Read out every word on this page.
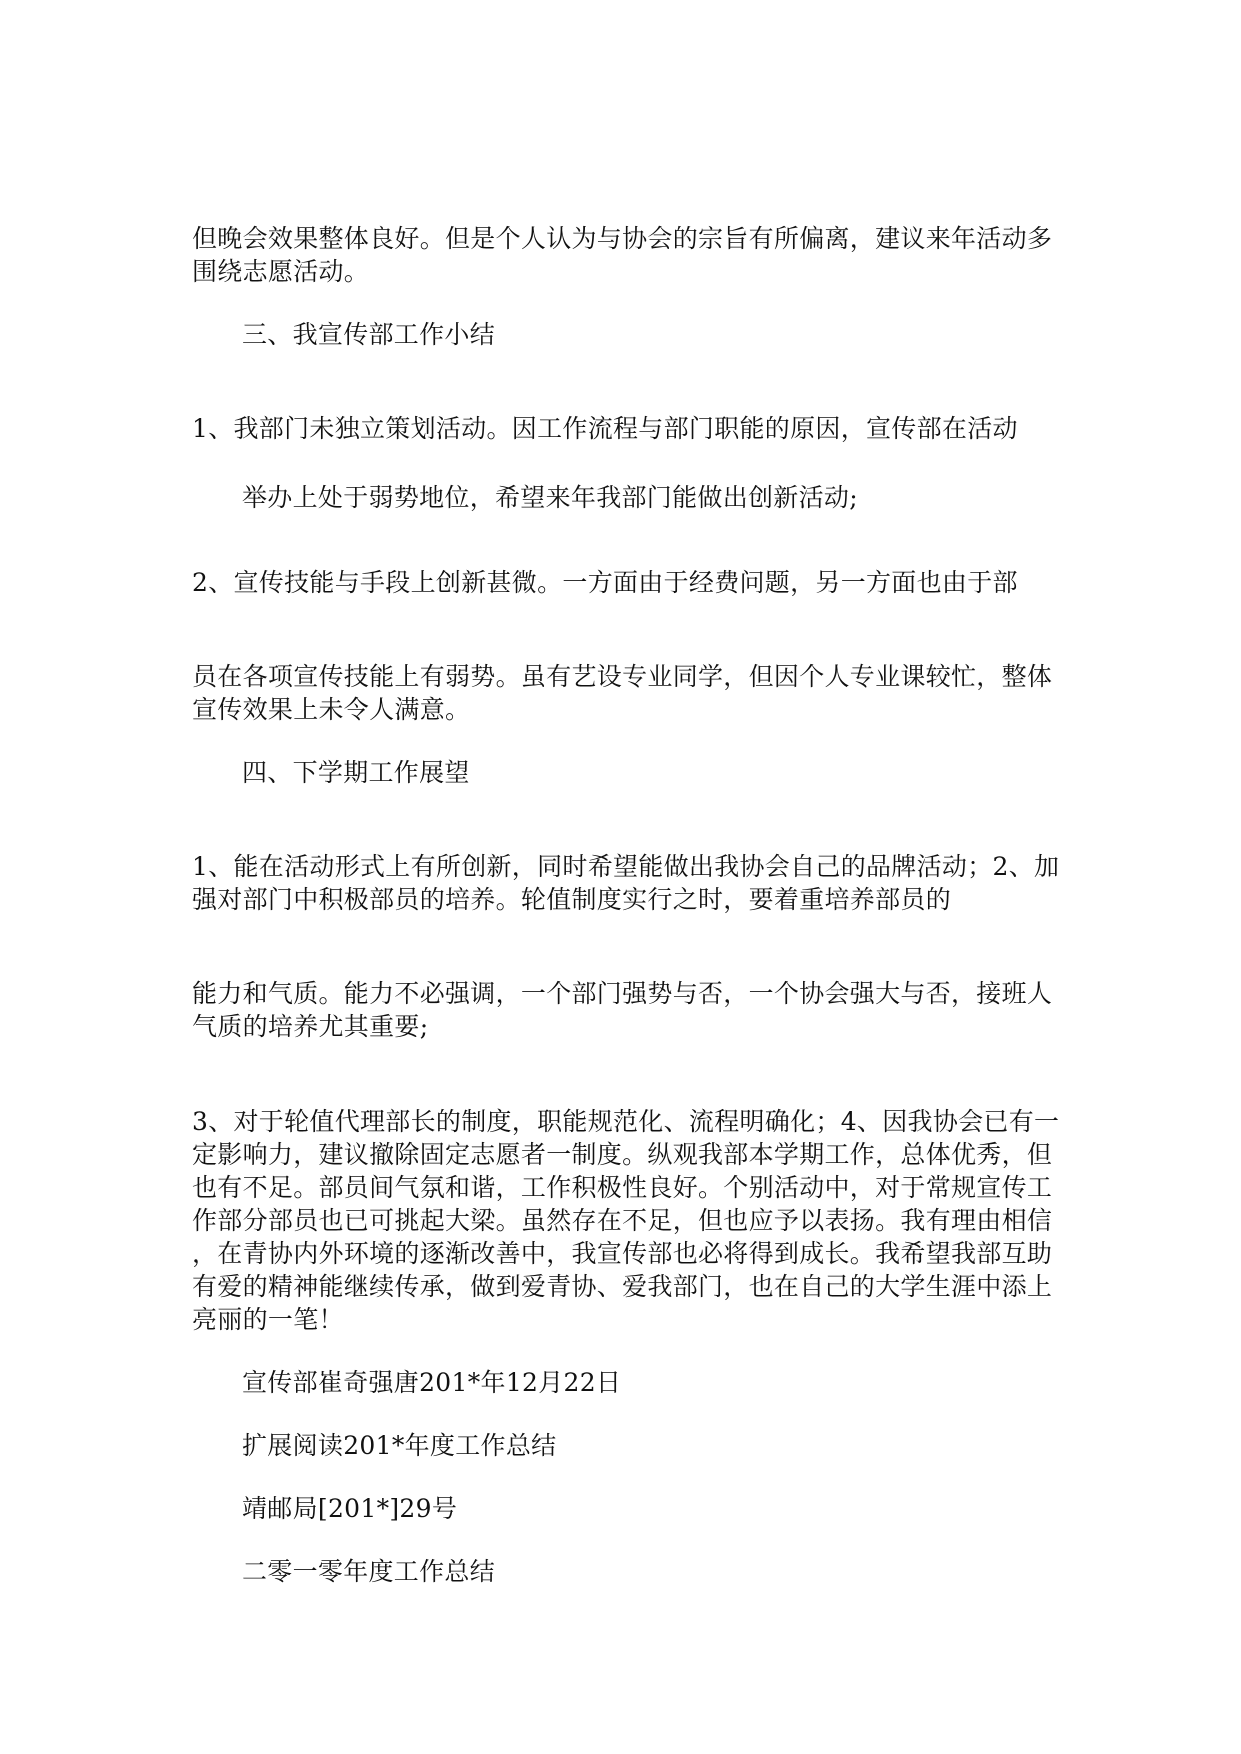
但晚会效果整体良好。但是个人认为与协会的宗旨有所偏离，建议来年活动多
围绕志愿活动。
三、我宣传部工作小结
1、我部门未独立策划活动。因工作流程与部门职能的原因，宣传部在活动
举办上处于弱势地位，希望来年我部门能做出创新活动;
2、宣传技能与手段上创新甚微。一方面由于经费问题，另一方面也由于部
员在各项宣传技能上有弱势。虽有艺设专业同学，但因个人专业课较忙，整体
宣传效果上未令人满意。
四、下学期工作展望
1、能在活动形式上有所创新，同时希望能做出我协会自己的品牌活动；2、加
强对部门中积极部员的培养。轮值制度实行之时，要着重培养部员的
能力和气质。能力不必强调，一个部门强势与否，一个协会强大与否，接班人
气质的培养尤其重要;
3、对于轮值代理部长的制度，职能规范化、流程明确化；4、因我协会已有一
定影响力，建议撤除固定志愿者一制度。纵观我部本学期工作，总体优秀，但
也有不足。部员间气氛和谐，工作积极性良好。个别活动中，对于常规宣传工
作部分部员也已可挑起大梁。虽然存在不足，但也应予以表扬。我有理由相信
，在青协内外环境的逐渐改善中，我宣传部也必将得到成长。我希望我部互助
有爱的精神能继续传承，做到爱青协、爱我部门，也在自己的大学生涯中添上
亮丽的一笔！
宣传部崔奇强唐201*年12月22日
扩展阅读201*年度工作总结
靖邮局[201*]29号
二零一零年度工作总结
